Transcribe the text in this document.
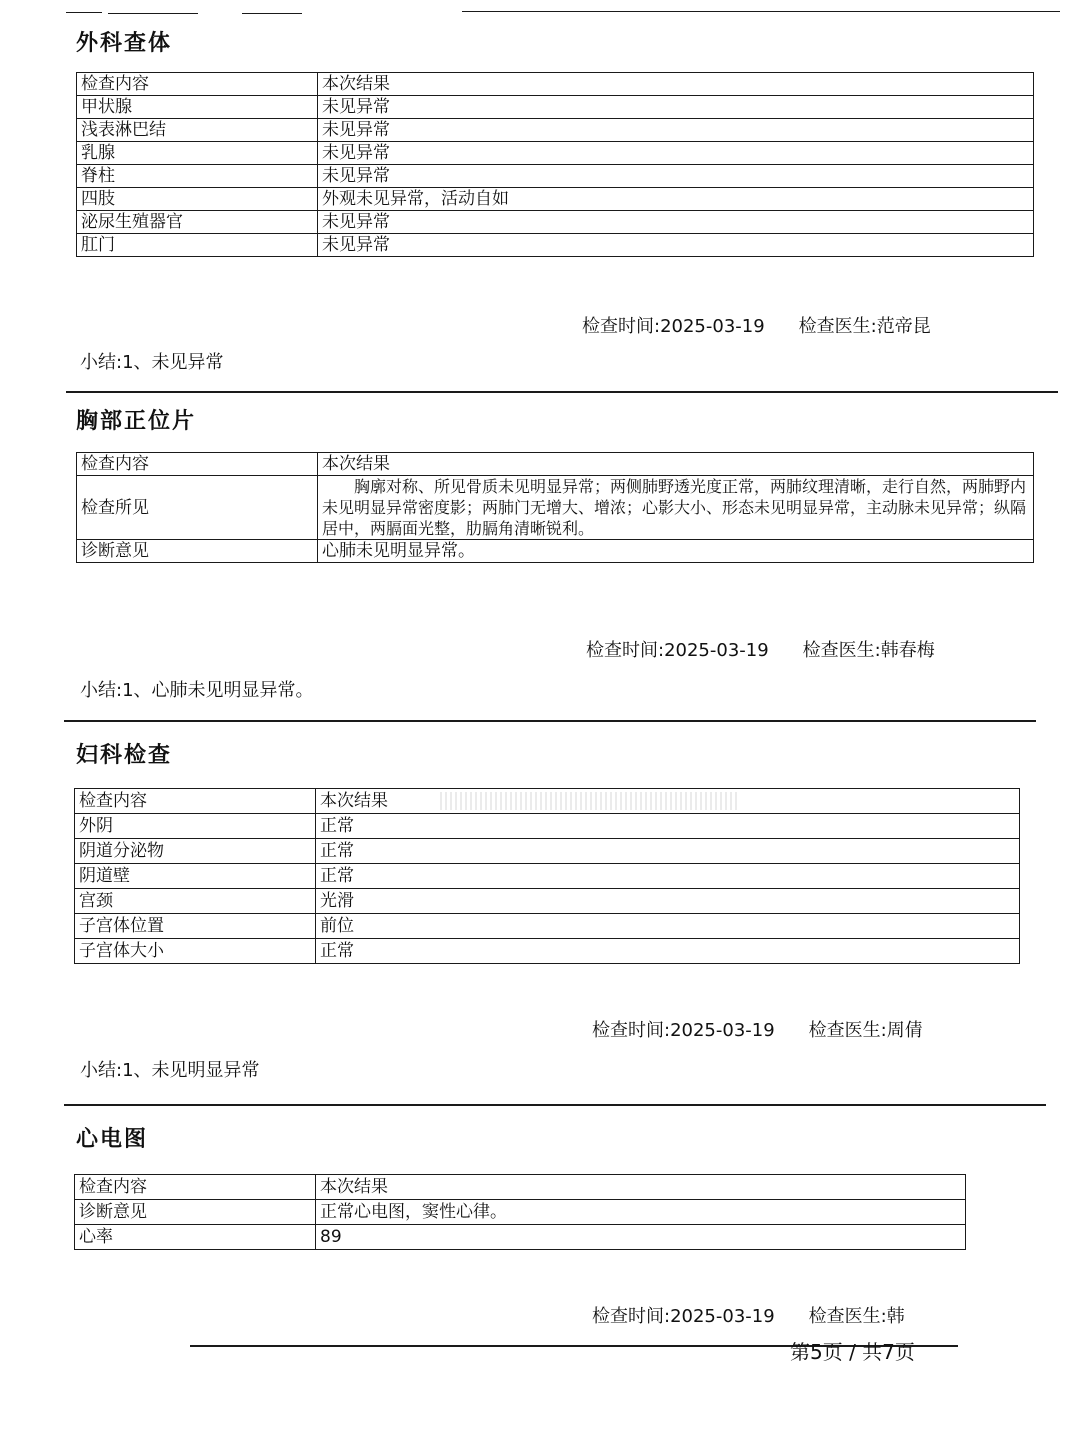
外科查体
检查内容	本次结果
甲状腺	未见异常
浅表淋巴结	未见异常
乳腺	未见异常
脊柱	未见异常
四肢	外观未见异常，活动自如
泌尿生殖器官	未见异常
肛门	未见异常
检查时间:2025-03-19 检查医生:范帝昆
小结:1、未见异常
胸部正位片
检查内容	本次结果
检查所见	胸廓对称、所见骨质未见明显异常；两侧肺野透光度正常，两肺纹理清晰，走行自然，两肺野内未见明显异常密度影；两肺门无增大、增浓；心影大小、形态未见明显异常，主动脉未见异常；纵隔居中，两膈面光整，肋膈角清晰锐利。
诊断意见	心肺未见明显异常。
检查时间:2025-03-19 检查医生:韩春梅
小结:1、心肺未见明显异常。
妇科检查
检查内容	本次结果
外阴	正常
阴道分泌物	正常
阴道壁	正常
宫颈	光滑
子宫体位置	前位
子宫体大小	正常
检查时间:2025-03-19 检查医生:周倩
小结:1、未见明显异常
心电图
检查内容	本次结果
诊断意见	正常心电图，窦性心律。
心率	89
检查时间:2025-03-19 检查医生:韩
第5页 / 共7页
